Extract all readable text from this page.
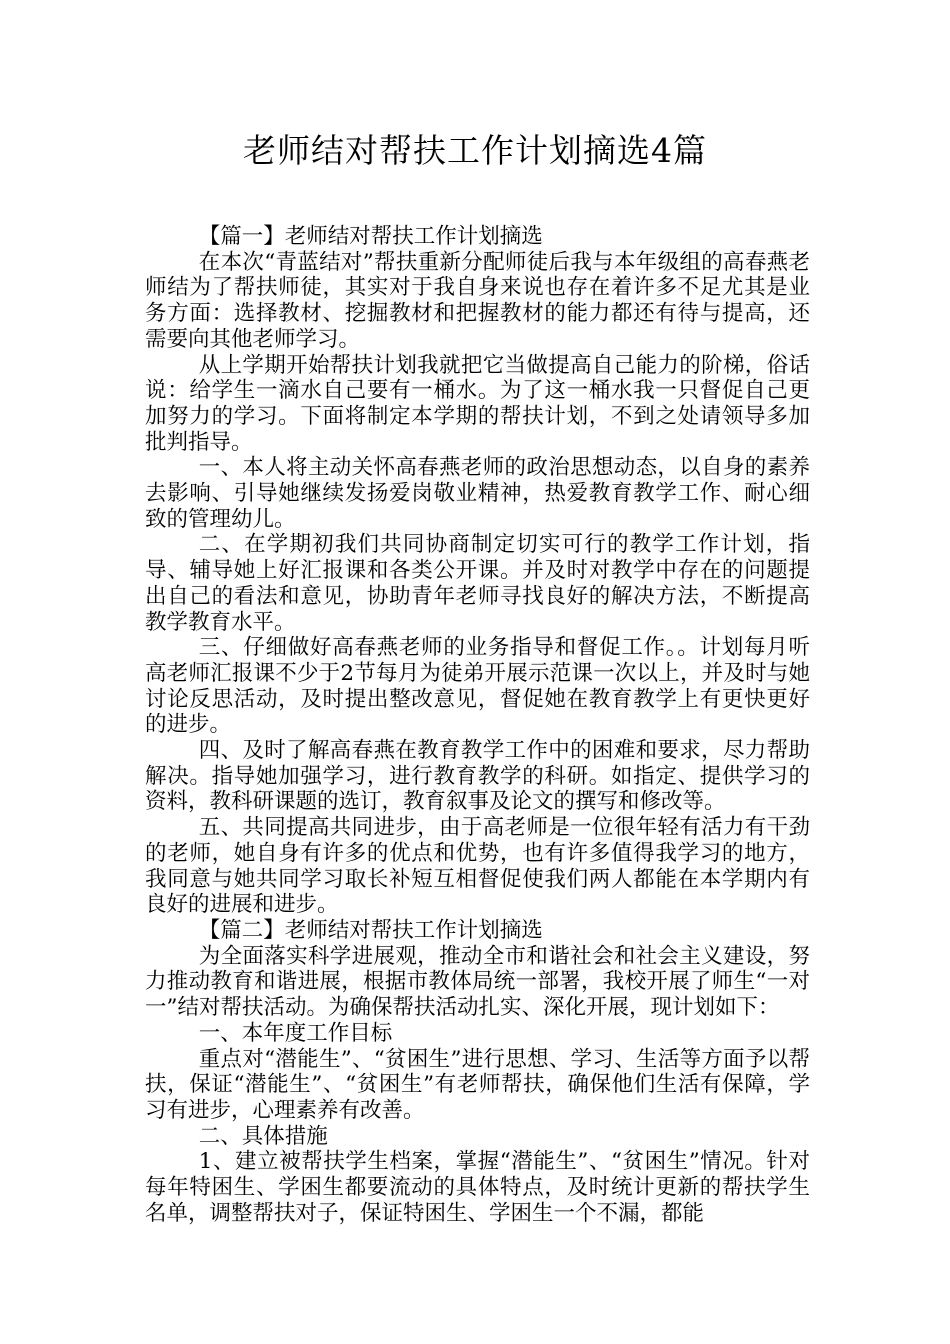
老师结对帮扶工作计划摘选4篇

【篇一】老师结对帮扶工作计划摘选

在本次“青蓝结对”帮扶重新分配师徒后我与本年级组的高春燕老师结为了帮扶师徒，其实对于我自身来说也存在着许多不足尤其是业务方面：选择教材、挖掘教材和把握教材的能力都还有待与提高，还需要向其他老师学习。

从上学期开始帮扶计划我就把它当做提高自己能力的阶梯，俗话说：给学生一滴水自己要有一桶水。为了这一桶水我一只督促自己更加努力的学习。下面将制定本学期的帮扶计划，不到之处请领导多加批判指导。

一、本人将主动关怀高春燕老师的政治思想动态，以自身的素养去影响、引导她继续发扬爱岗敬业精神，热爱教育教学工作、耐心细致的管理幼儿。

二、在学期初我们共同协商制定切实可行的教学工作计划，指导、辅导她上好汇报课和各类公开课。并及时对教学中存在的问题提出自己的看法和意见，协助青年老师寻找良好的解决方法，不断提高教学教育水平。

三、仔细做好高春燕老师的业务指导和督促工作。。计划每月听高老师汇报课不少于2节每月为徒弟开展示范课一次以上，并及时与她讨论反思活动，及时提出整改意见，督促她在教育教学上有更快更好的进步。

四、及时了解高春燕在教育教学工作中的困难和要求，尽力帮助解决。指导她加强学习，进行教育教学的科研。如指定、提供学习的资料，教科研课题的选订，教育叙事及论文的撰写和修改等。

五、共同提高共同进步，由于高老师是一位很年轻有活力有干劲的老师，她自身有许多的优点和优势，也有许多值得我学习的地方，我同意与她共同学习取长补短互相督促使我们两人都能在本学期内有良好的进展和进步。

【篇二】老师结对帮扶工作计划摘选

为全面落实科学进展观，推动全市和谐社会和社会主义建设，努力推动教育和谐进展，根据市教体局统一部署，我校开展了师生“一对一”结对帮扶活动。为确保帮扶活动扎实、深化开展，现计划如下：

一、本年度工作目标

重点对“潜能生”、“贫困生”进行思想、学习、生活等方面予以帮扶，保证“潜能生”、“贫困生”有老师帮扶，确保他们生活有保障，学习有进步，心理素养有改善。

二、具体措施

1、建立被帮扶学生档案，掌握“潜能生”、“贫困生”情况。针对每年特困生、学困生都要流动的具体特点，及时统计更新的帮扶学生名单，调整帮扶对子，保证特困生、学困生一个不漏，都能
